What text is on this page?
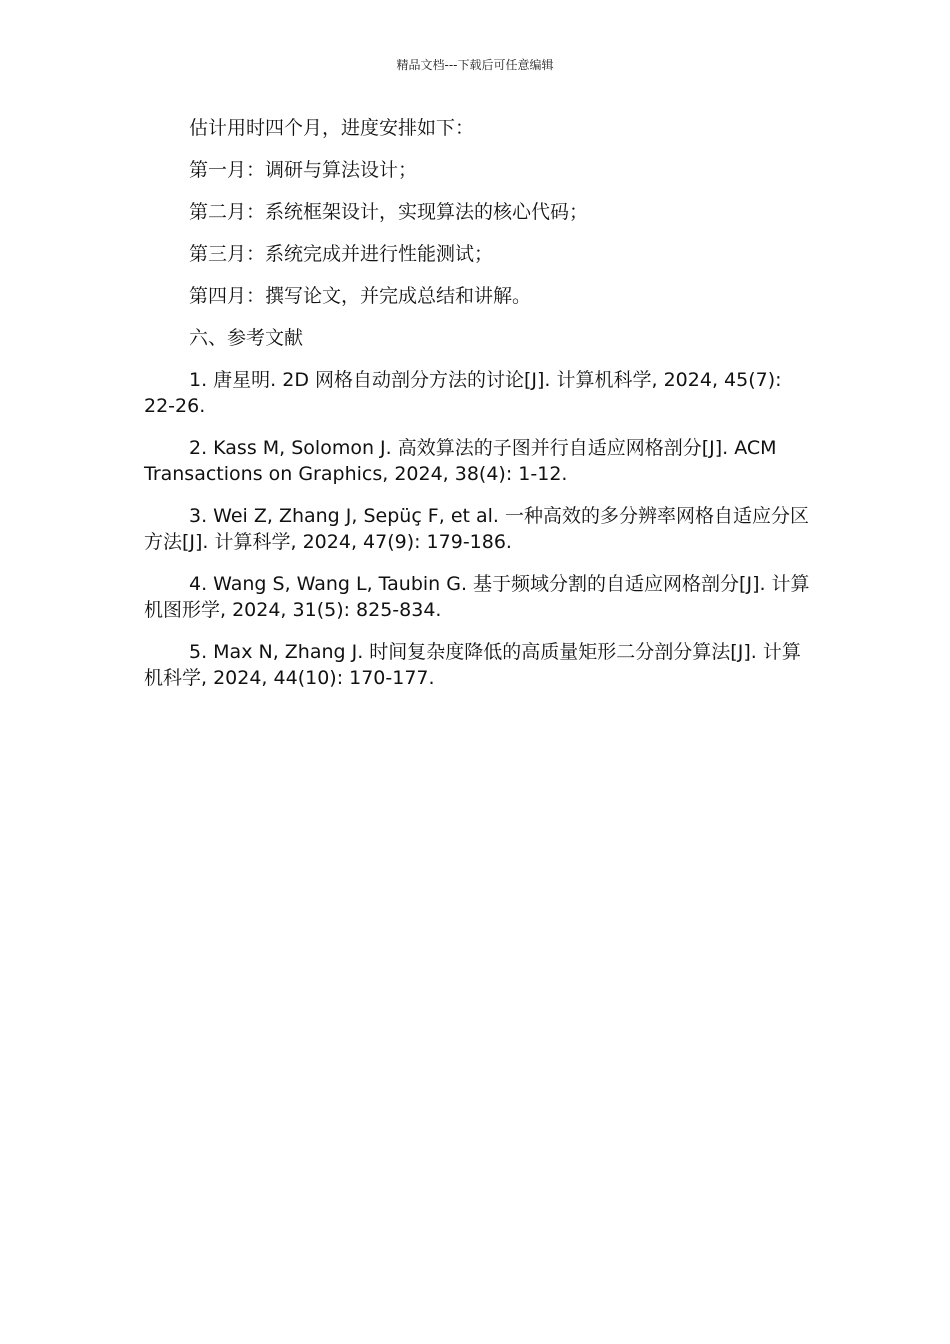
精品文档---下载后可任意编辑

估计用时四个月，进度安排如下：

第一月：调研与算法设计；

第二月：系统框架设计，实现算法的核心代码；

第三月：系统完成并进行性能测试；

第四月：撰写论文，并完成总结和讲解。

六、参考文献

1. 唐星明. 2D 网格自动剖分方法的讨论[J]. 计算机科学, 2024, 45(7): 22-26.

2. Kass M, Solomon J. 高效算法的子图并行自适应网格剖分[J]. ACM Transactions on Graphics, 2024, 38(4): 1-12.

3. Wei Z, Zhang J, Sepüç F, et al. 一种高效的多分辨率网格自适应分区方法[J]. 计算科学, 2024, 47(9): 179-186.

4. Wang S, Wang L, Taubin G. 基于频域分割的自适应网格剖分[J]. 计算机图形学, 2024, 31(5): 825-834.

5. Max N, Zhang J. 时间复杂度降低的高质量矩形二分剖分算法[J]. 计算机科学, 2024, 44(10): 170-177.
